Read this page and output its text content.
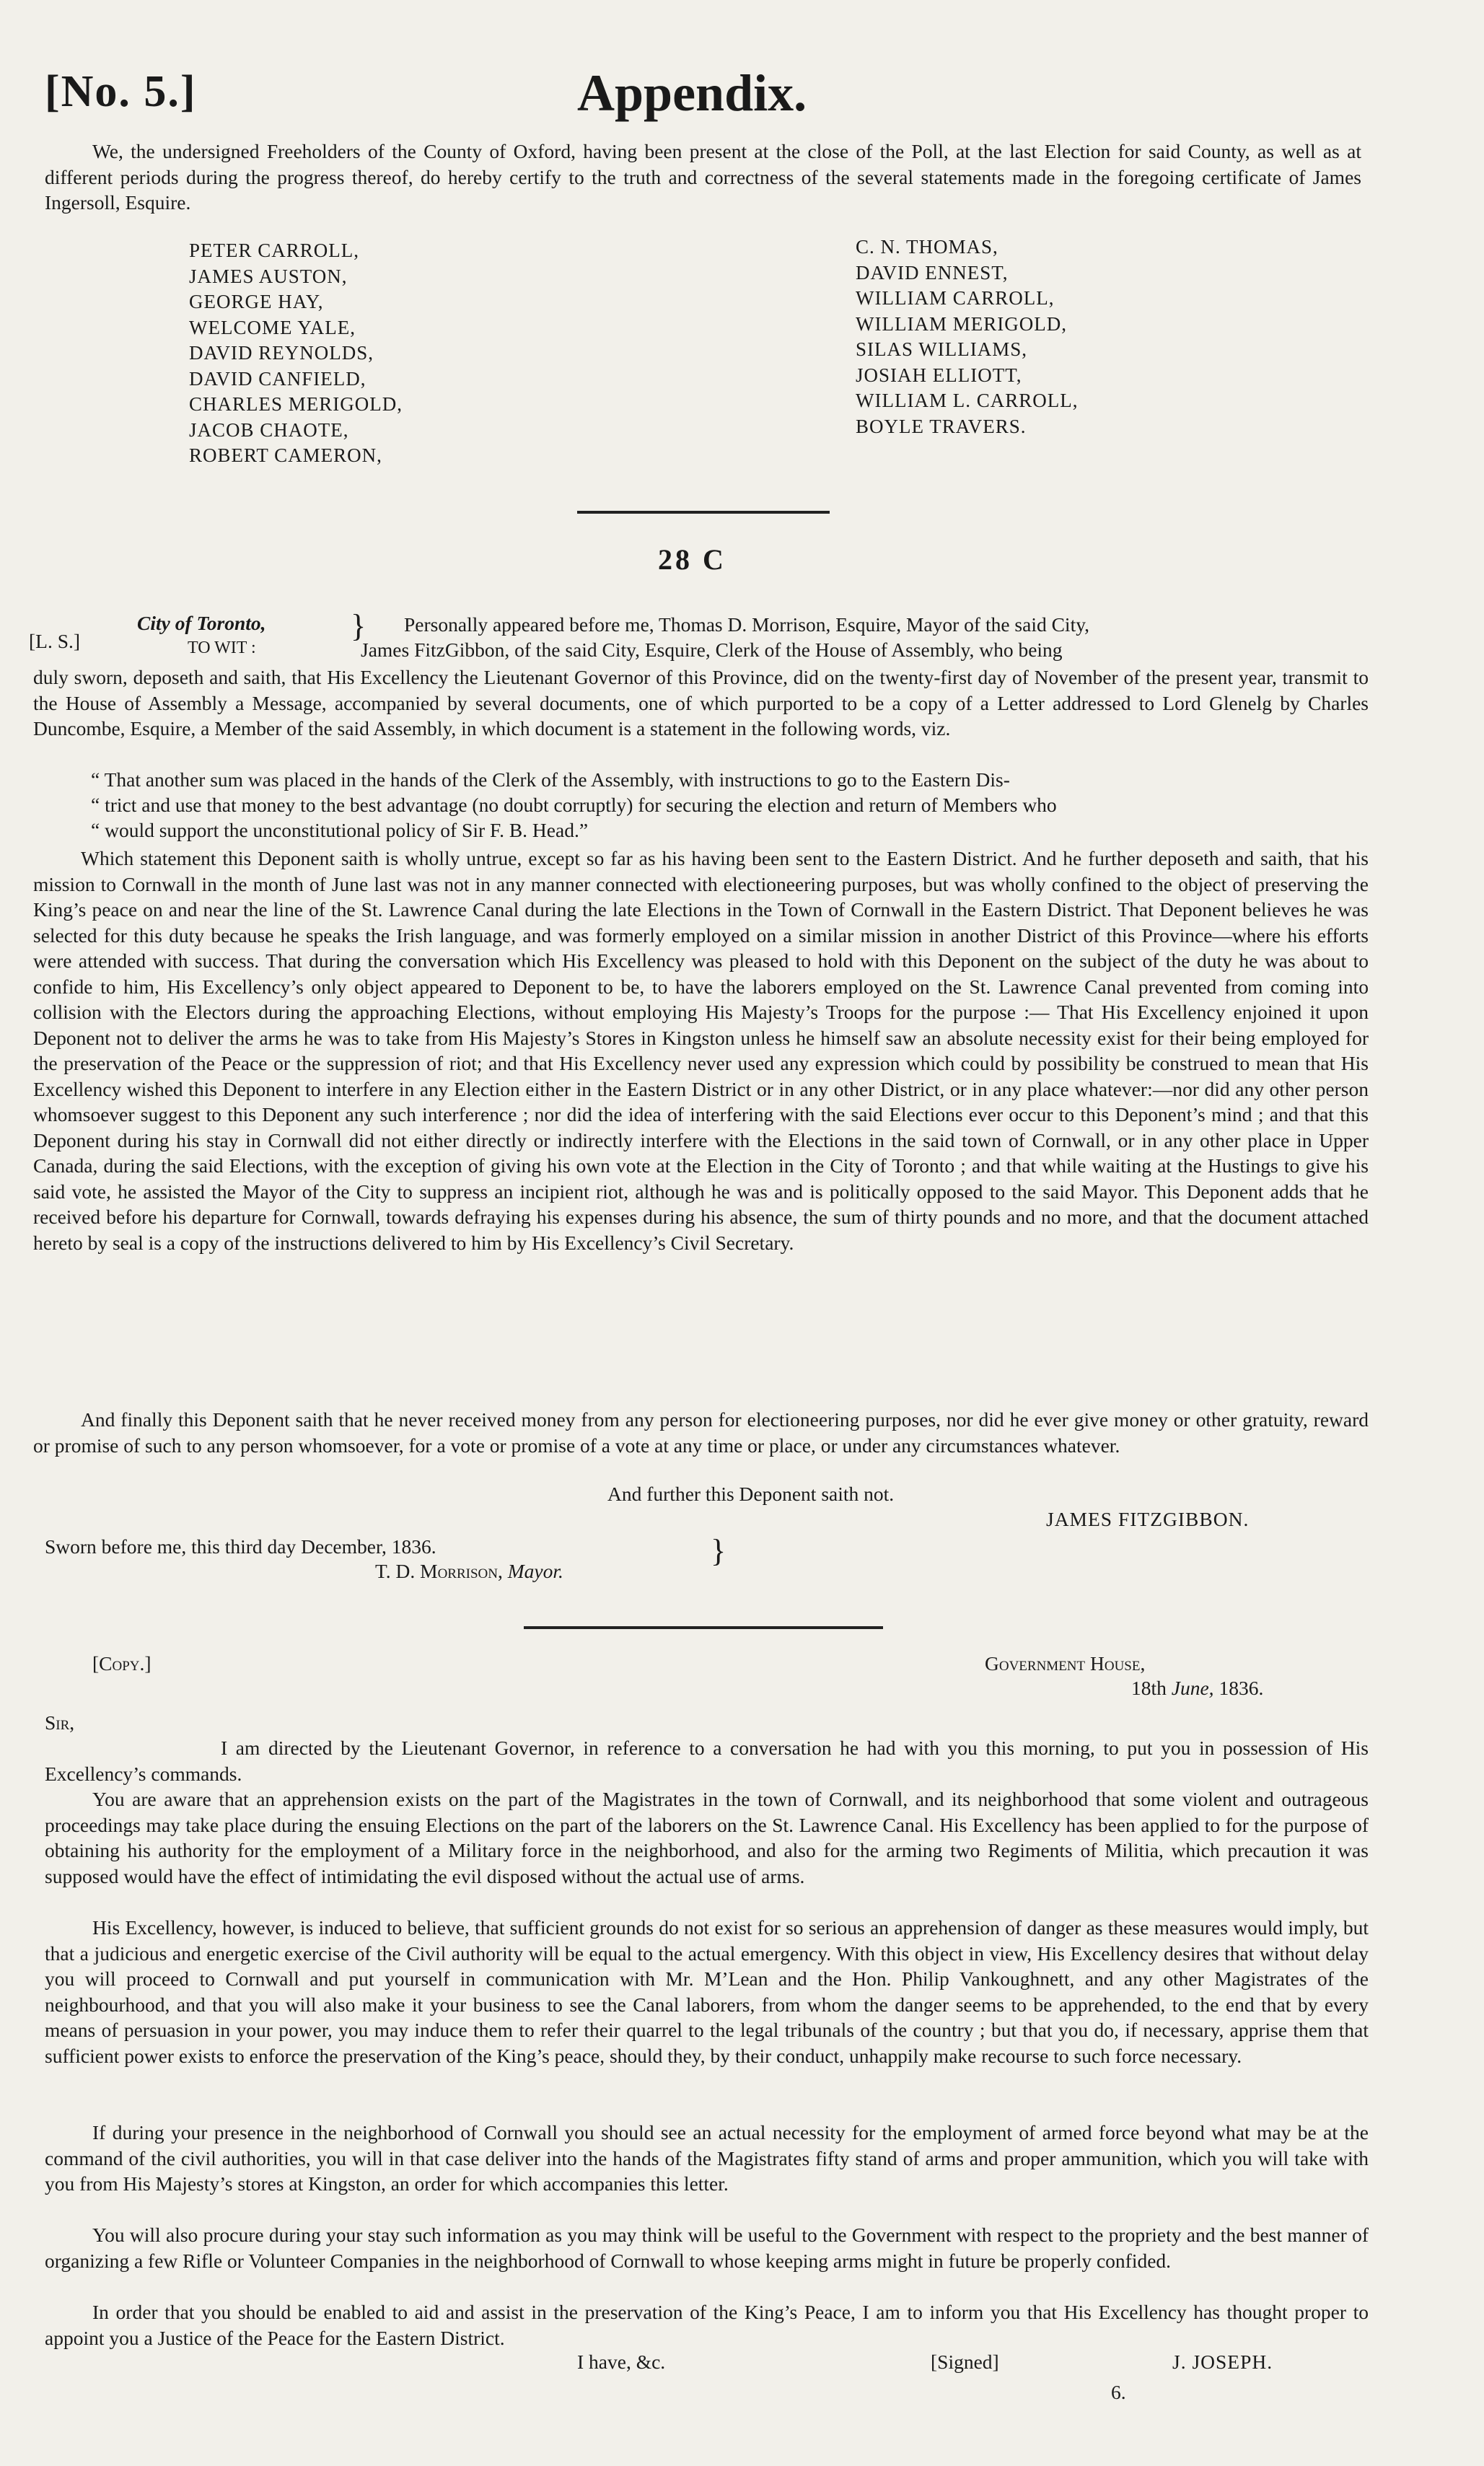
[No. 5.]	Appendix.

We, the undersigned Freeholders of the County of Oxford, having been present at the close of the Poll, at the last Election for said County, as well as at different periods during the progress thereof, do hereby certify to the truth and correctness of the several statements made in the foregoing certificate of James Ingersoll, Esquire.

PETER CARROLL,
JAMES AUSTON,
GEORGE HAY,
WELCOME YALE,
DAVID REYNOLDS,
DAVID CANFIELD,
CHARLES MERIGOLD,
JACOB CHAOTE,
ROBERT CAMERON,
C. N. THOMAS,
DAVID ENNEST,
WILLIAM CARROLL,
WILLIAM MERIGOLD,
SILAS WILLIAMS,
JOSIAH ELLIOTT,
WILLIAM L. CARROLL,
BOYLE TRAVERS.
28 C
[L. S.]
City of Toronto,
TO WIT :
} Personally appeared before me, Thomas D. Morrison, Esquire, Mayor of the said City,
James FitzGibbon, of the said City, Esquire, Clerk of the House of Assembly, who being

duly sworn, deposeth and saith, that His Excellency the Lieutenant Governor of this Province, did on the twenty-first day of November of the present year, transmit to the House of Assembly a Message, accompanied by several documents, one of which purported to be a copy of a Letter addressed to Lord Glenelg by Charles Duncombe, Esquire, a Member of the said Assembly, in which document is a statement in the following words, viz.

“ That another sum was placed in the hands of the Clerk of the Assembly, with instructions to go to the Eastern Dis-
“ trict and use that money to the best advantage (no doubt corruptly) for securing the election and return of Members who
“ would support the unconstitutional policy of Sir F. B. Head.”

Which statement this Deponent saith is wholly untrue, except so far as his having been sent to the Eastern District. And he further deposeth and saith, that his mission to Cornwall in the month of June last was not in any manner connected with electioneering purposes, but was wholly confined to the object of preserving the King’s peace on and near the line of the St. Lawrence Canal during the late Elections in the Town of Cornwall in the Eastern District. That Deponent believes he was selected for this duty because he speaks the Irish language, and was formerly employed on a similar mission in another District of this Province—where his efforts were attended with success. That during the conversation which His Excellency was pleased to hold with this Deponent on the subject of the duty he was about to confide to him, His Excellency’s only object appeared to Deponent to be, to have the laborers employed on the St. Lawrence Canal prevented from coming into collision with the Electors during the approaching Elections, without employing His Majesty’s Troops for the purpose :— That His Excellency enjoined it upon Deponent not to deliver the arms he was to take from His Majesty’s Stores in Kingston unless he himself saw an absolute necessity exist for their being employed for the preservation of the Peace or the suppression of riot; and that His Excellency never used any expression which could by possibility be construed to mean that His Excellency wished this Deponent to interfere in any Election either in the Eastern District or in any other District, or in any place whatever:—nor did any other person whomsoever suggest to this Deponent any such interference ; nor did the idea of interfering with the said Elections ever occur to this Deponent’s mind ; and that this Deponent during his stay in Cornwall did not either directly or indirectly interfere with the Elections in the said town of Cornwall, or in any other place in Upper Canada, during the said Elections, with the exception of giving his own vote at the Election in the City of Toronto ; and that while waiting at the Hustings to give his said vote, he assisted the Mayor of the City to suppress an incipient riot, although he was and is politically opposed to the said Mayor. This Deponent adds that he received before his departure for Cornwall, towards defraying his expenses during his absence, the sum of thirty pounds and no more, and that the document attached hereto by seal is a copy of the instructions delivered to him by His Excellency’s Civil Secretary.

And finally this Deponent saith that he never received money from any person for electioneering purposes, nor did he ever give money or other gratuity, reward or promise of such to any person whomsoever, for a vote or promise of a vote at any time or place, or under any circumstances whatever.

And further this Deponent saith not.
JAMES FITZGIBBON.
Sworn before me, this third day December, 1836.
T. D. Morrison, Mayor.
}
[Copy.]	Government House,
18th June, 1836.
Sir,

I am directed by the Lieutenant Governor, in reference to a conversation he had with you this morning, to put you in possession of His Excellency’s commands.

You are aware that an apprehension exists on the part of the Magistrates in the town of Cornwall, and its neighborhood that some violent and outrageous proceedings may take place during the ensuing Elections on the part of the laborers on the St. Lawrence Canal. His Excellency has been applied to for the purpose of obtaining his authority for the employment of a Military force in the neighborhood, and also for the arming two Regiments of Militia, which precaution it was supposed would have the effect of intimidating the evil disposed without the actual use of arms.

His Excellency, however, is induced to believe, that sufficient grounds do not exist for so serious an apprehension of danger as these measures would imply, but that a judicious and energetic exercise of the Civil authority will be equal to the actual emergency. With this object in view, His Excellency desires that without delay you will proceed to Cornwall and put yourself in communication with Mr. M’Lean and the Hon. Philip Vankoughnett, and any other Magistrates of the neighbourhood, and that you will also make it your business to see the Canal laborers, from whom the danger seems to be apprehended, to the end that by every means of persuasion in your power, you may induce them to refer their quarrel to the legal tribunals of the country ; but that you do, if necessary, apprise them that sufficient power exists to enforce the preservation of the King’s peace, should they, by their conduct, unhappily make recourse to such force necessary.

If during your presence in the neighborhood of Cornwall you should see an actual necessity for the employment of armed force beyond what may be at the command of the civil authorities, you will in that case deliver into the hands of the Magistrates fifty stand of arms and proper ammunition, which you will take with you from His Majesty’s stores at Kingston, an order for which accompanies this letter.

You will also procure during your stay such information as you may think will be useful to the Government with respect to the propriety and the best manner of organizing a few Rifle or Volunteer Companies in the neighborhood of Cornwall to whose keeping arms might in future be properly confided.

In order that you should be enabled to aid and assist in the preservation of the King’s Peace, I am to inform you that His Excellency has thought proper to appoint you a Justice of the Peace for the Eastern District.

I have, &c.	[Signed]	J. JOSEPH.
6.
